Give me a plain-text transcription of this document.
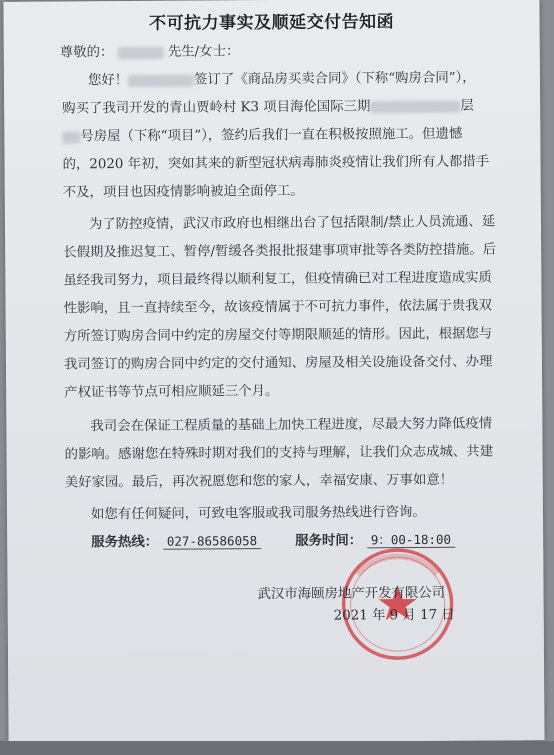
不可抗力事实及顺延交付告知函
尊敬的：	先生/女士：
您好！	签订了《商品房买卖合同》（下称“购房合同”），
购买了我司开发的青山贾岭村 K3 项目海伦国际三期	层
号房屋（下称“项目”），签约后我们一直在积极按照施工。但遗憾
的，2020 年初，突如其来的新型冠状病毒肺炎疫情让我们所有人都措手
不及，项目也因疫情影响被迫全面停工。
为了防控疫情，武汉市政府也相继出台了包括限制/禁止人员流通、延
长假期及推迟复工、暂停/暂缓各类报批报建事项审批等各类防控措施。后
虽经我司努力，项目最终得以顺利复工，但疫情确已对工程进度造成实质
性影响，且一直持续至今，故该疫情属于不可抗力事件，依法属于贵我双
方所签订购房合同中约定的房屋交付等期限顺延的情形。因此，根据您与
我司签订的购房合同中约定的交付通知、房屋及相关设施设备交付、办理
产权证书等节点可相应顺延三个月。
我司会在保证工程质量的基础上加快工程进度，尽最大努力降低疫情
的影响。感谢您在特殊时期对我们的支持与理解，让我们众志成城、共建
美好家园。最后，再次祝愿您和您的家人，幸福安康、万事如意！
如您有任何疑问，可致电客服或我司服务热线进行咨询。
服务热线： 027-86586058	服务时间： 9：00-18:00
武汉市海颐房地产开发有限公司
2021 年 9 月 17 日
